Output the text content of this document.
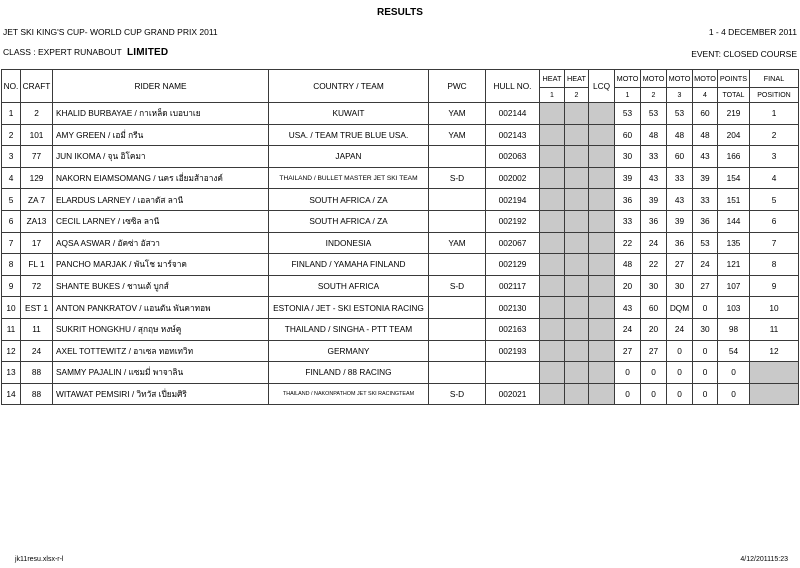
RESULTS
JET SKI KING'S CUP- WORLD CUP GRAND PRIX 2011	1 - 4 DECEMBER 2011
CLASS : EXPERT RUNABOUT LIMITED	EVENT: CLOSED COURSE
NO.	CRAFT	RIDER NAME	COUNTRY / TEAM	PWC	HULL NO.	HEAT	HEAT	LCQ	MOTO	MOTO	MOTO	MOTO	POINTS	FINAL
						1	2		1	2	3	4	TOTAL	POSITION
1	2	KHALID BURBAYAE / กาเหล็ด เบอบาเย	KUWAIT	YAM	002144				53	53	53	60	219	1
2	101	AMY GREEN / เอมี่ กรีน	USA. / TEAM TRUE BLUE USA.	YAM	002143				60	48	48	48	204	2
3	77	JUN IKOMA / จุน อิโคมา	JAPAN		002063				30	33	60	43	166	3
4	129	NAKORN EIAMSOMANG / นคร เอี่ยมส้าอางค์	THAILAND / BULLET MASTER JET SKI TEAM	S-D	002002				39	43	33	39	154	4
5	ZA 7	ELARDUS LARNEY / เอลาดัส ลานี	SOUTH AFRICA / ZA		002194				36	39	43	33	151	5
6	ZA13	CECIL LARNEY / เซซิล ลานี	SOUTH AFRICA / ZA		002192				33	36	39	36	144	6
7	17	AQSA ASWAR / อัคซ่า อัสวา	INDONESIA	YAM	002067				22	24	36	53	135	7
8	FL 1	PANCHO MARJAK / พันโช มาร์จาค	FINLAND / YAMAHA FINLAND		002129				48	22	27	24	121	8
9	72	SHANTE BUKES / ชานเต้ บูกส์	SOUTH AFRICA	S-D	002117				20	30	30	27	107	9
10	EST 1	ANTON PANKRATOV / แอนตัน พันคาทอพ	ESTONIA / JET - SKI ESTONIA RACING		002130				43	60	DQM	0	103	10
11	11	SUKRIT HONGKHU / สุกฤษ หงษ์คู	THAILAND / SINGHA - PTT TEAM		002163				24	20	24	30	98	11
12	24	AXEL TOTTEWITZ / อาเซล ทอทเทวิท	GERMANY		002193				27	27	0	0	54	12
13	88	SAMMY PAJALIN / แซมมี่ พาจาลิน	FINLAND / 88 RACING						0	0	0	0	0	
14	88	WITAWAT PEMSIRI / วิทวัส เปี่ยมศิริ	THAILAND / NAKONPATHOM JET SKI RACINGTEAM	S-D	002021				0	0	0	0	0	
jk11resu.xlsx-r-l	4/12/201115:23
